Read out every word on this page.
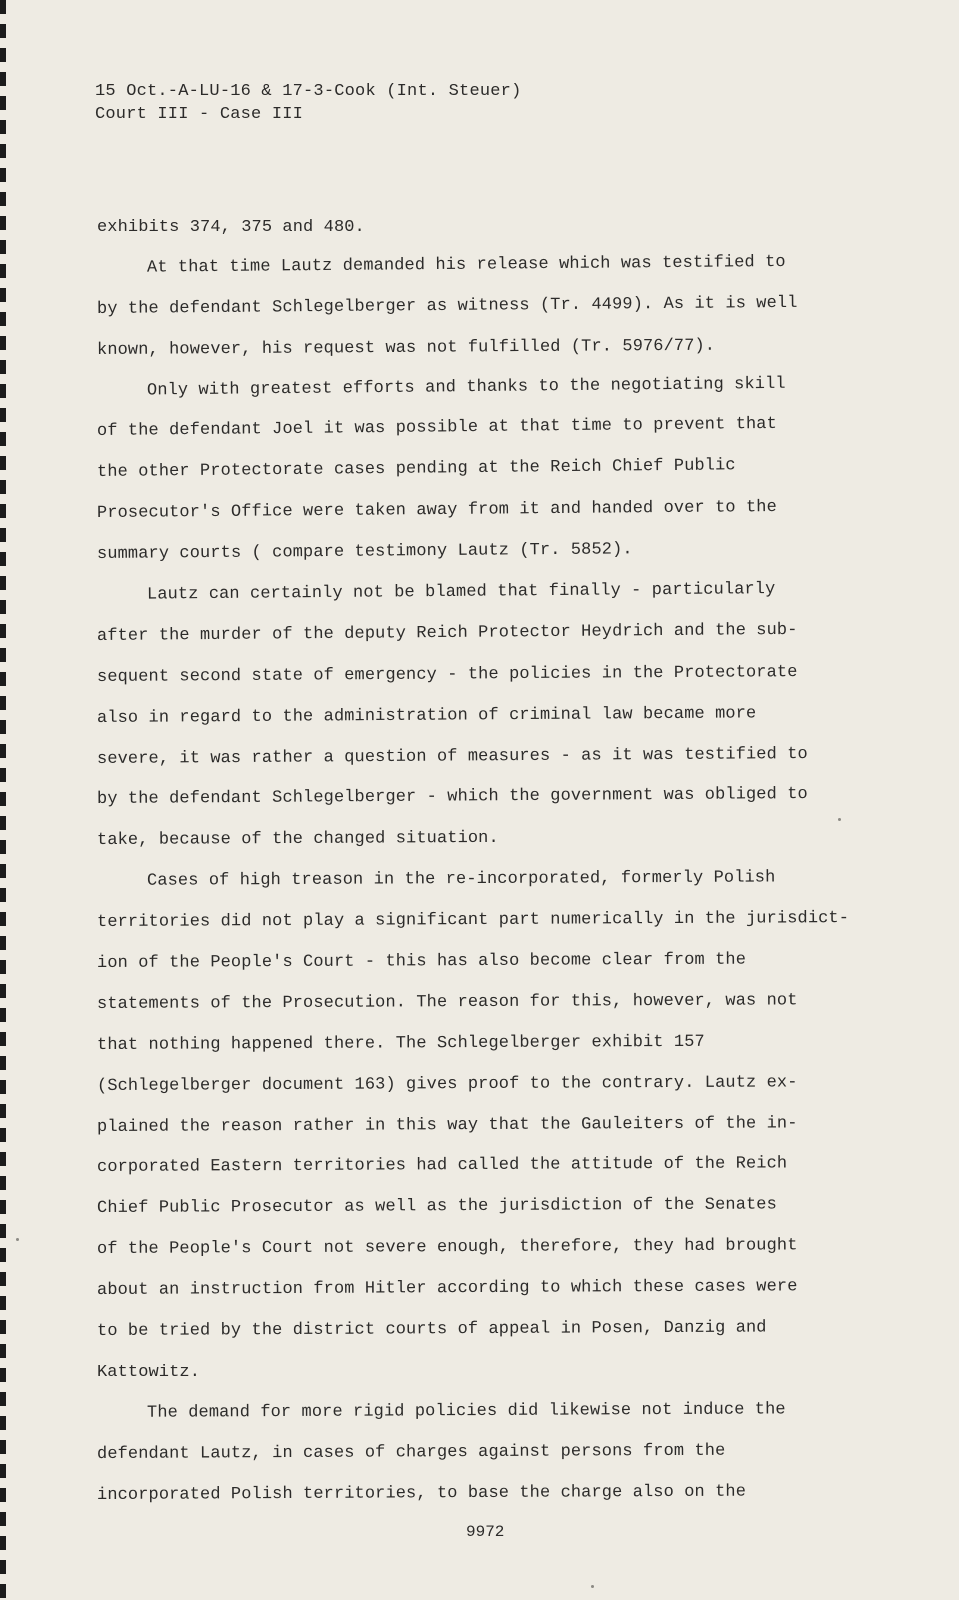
15 Oct.-A-LU-16 & 17-3-Cook (Int. Steuer)
Court III - Case III
exhibits 374, 375 and 480.
At that time Lautz demanded his release which was testified to
by the defendant Schlegelberger as witness (Tr. 4499). As it is well
known, however, his request was not fulfilled (Tr. 5976/77).
Only with greatest efforts and thanks to the negotiating skill
of the defendant Joel it was possible at that time to prevent that
the other Protectorate cases pending at the Reich Chief Public
Prosecutor's Office were taken away from it and handed over to the
summary courts ( compare testimony Lautz (Tr. 5852).
Lautz can certainly not be blamed that finally - particularly
after the murder of the deputy Reich Protector Heydrich and the sub-
sequent second state of emergency - the policies in the Protectorate
also in regard to the administration of criminal law became more
severe, it was rather a question of measures - as it was testified to
by the defendant Schlegelberger - which the government was obliged to
take, because of the changed situation.
Cases of high treason in the re-incorporated, formerly Polish
territories did not play a significant part numerically in the jurisdict-
ion of the People's Court - this has also become clear from the
statements of the Prosecution. The reason for this, however, was not
that nothing happened there. The Schlegelberger exhibit 157
(Schlegelberger document 163) gives proof to the contrary. Lautz ex-
plained the reason rather in this way that the Gauleiters of the in-
corporated Eastern territories had called the attitude of the Reich
Chief Public Prosecutor as well as the jurisdiction of the Senates
of the People's Court not severe enough, therefore, they had brought
about an instruction from Hitler according to which these cases were
to be tried by the district courts of appeal in Posen, Danzig and
Kattowitz.
The demand for more rigid policies did likewise not induce the
defendant Lautz, in cases of charges against persons from the
incorporated Polish territories, to base the charge also on the
9972
